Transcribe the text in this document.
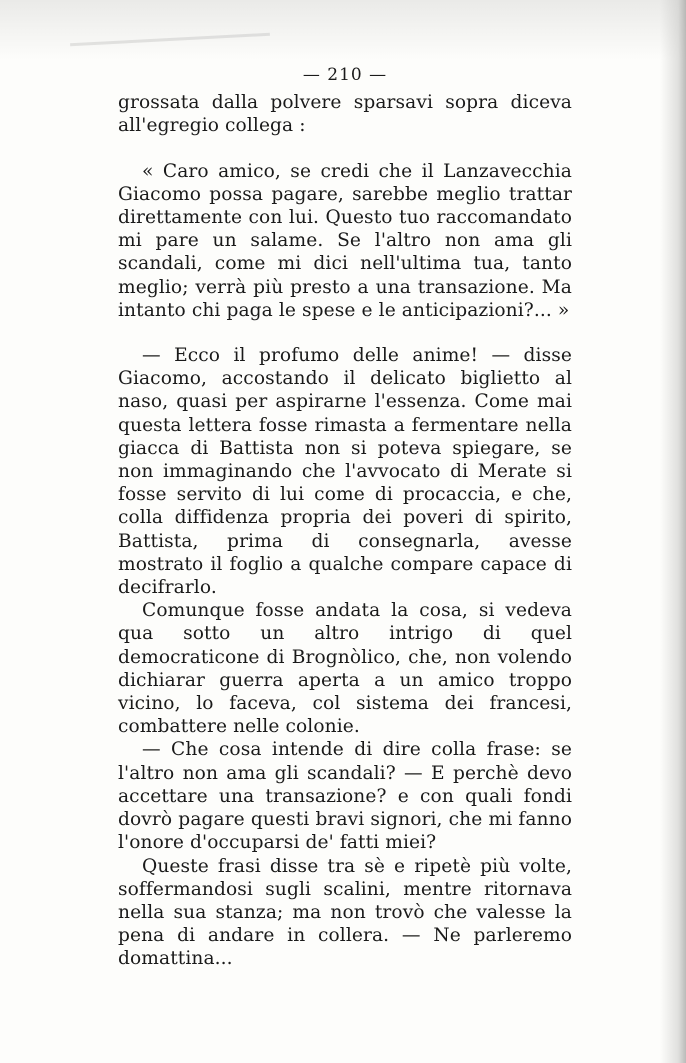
— 210 —

grossata dalla polvere sparsavi sopra diceva all'egregio collega :

« Caro amico, se credi che il Lanzavecchia Giacomo possa pagare, sarebbe meglio trattar direttamente con lui. Questo tuo raccomandato mi pare un salame. Se l'altro non ama gli scandali, come mi dici nell'ultima tua, tanto meglio; verrà più presto a una transazione. Ma intanto chi paga le spese e le anticipazioni?... »

— Ecco il profumo delle anime! — disse Giacomo, accostando il delicato biglietto al naso, quasi per aspirarne l'essenza. Come mai questa lettera fosse rimasta a fermentare nella giacca di Battista non si poteva spiegare, se non immaginando che l'avvocato di Merate si fosse servito di lui come di procaccia, e che, colla diffidenza propria dei poveri di spirito, Battista, prima di consegnarla, avesse mostrato il foglio a qualche compare capace di decifrarlo.

Comunque fosse andata la cosa, si vedeva qua sotto un altro intrigo di quel democraticone di Brognòlico, che, non volendo dichiarar guerra aperta a un amico troppo vicino, lo faceva, col sistema dei francesi, combattere nelle colonie.

— Che cosa intende di dire colla frase: se l'altro non ama gli scandali? — E perchè devo accettare una transazione? e con quali fondi dovrò pagare questi bravi signori, che mi fanno l'onore d'occuparsi de' fatti miei?

Queste frasi disse tra sè e ripetè più volte, soffermandosi sugli scalini, mentre ritornava nella sua stanza; ma non trovò che valesse la pena di andare in collera. — Ne parleremo domattina...
